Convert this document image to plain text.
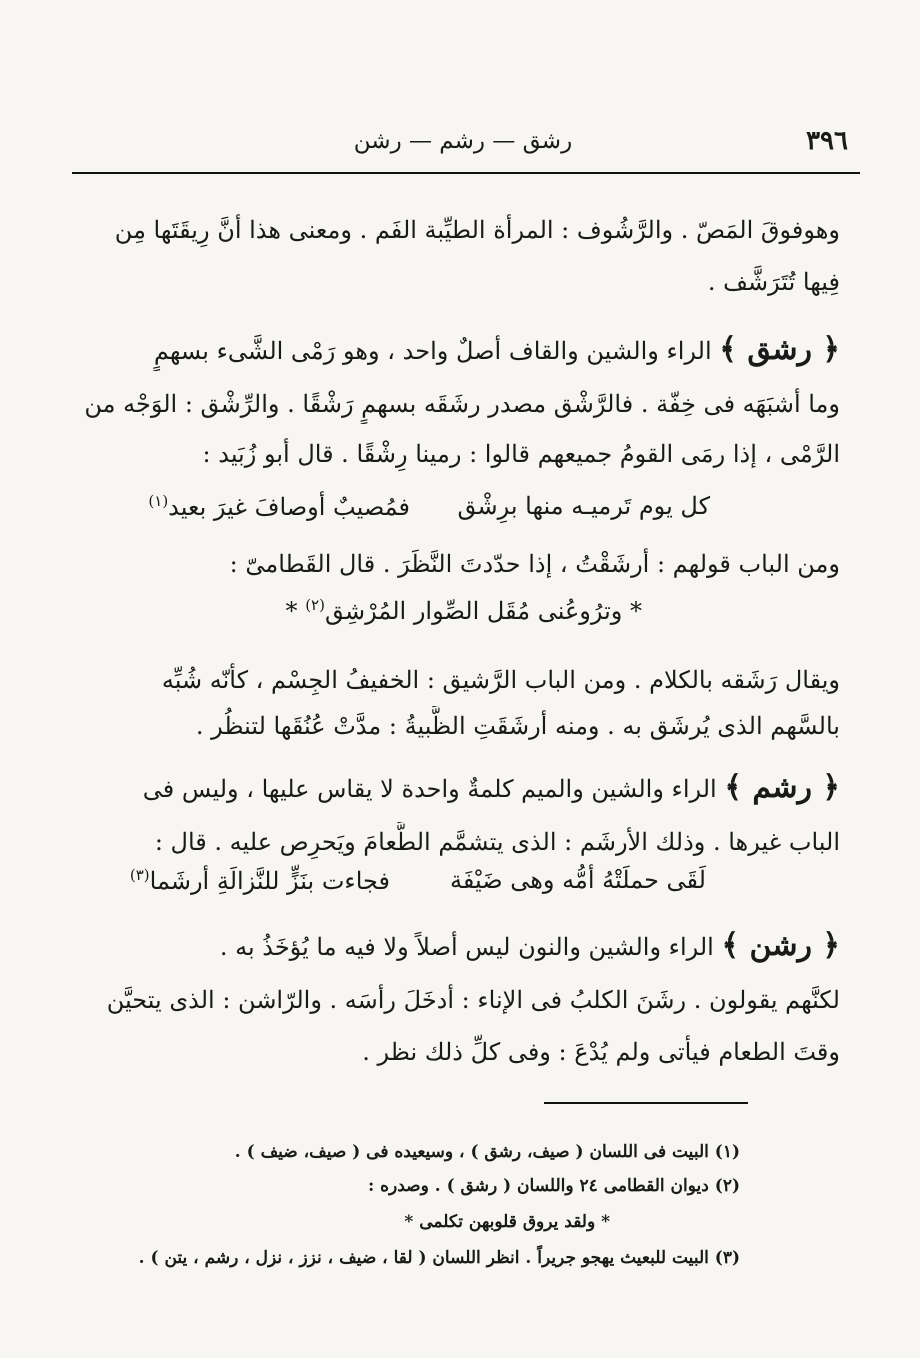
٣٩٦
رشق — رشم — رشن
وهوفوقَ المَصّ . والرَّشُوف : المرأة الطيِّبة الفَم . ومعنى هذا أنَّ رِيقَتَها مِن
فِيها تُتَرَشَّف .
﴿ رشق ﴾ الراء والشين والقاف أصلٌ واحد ، وهو رَمْى الشَّىء بسهمٍ
وما أشبَهَه فى خِفّة . فالرَّشْق مصدر رشَقَه بسهمٍ رَشْقًا . والرِّشْق : الوَجْه من
الرَّمْى ، إذا رمَى القومُ جميعهم قالوا : رمينا رِشْقًا . قال أبو زُبَيد :
كل يوم تَرميـه منها برِشْق
فمُصيبٌ أوصافَ غيرَ بعيد$^{(١)}$
ومن الباب قولهم : أرشَقْتُ ، إذا حدّدتَ النَّظَرَ . قال القَطامىّ :
* وترُوعُنى مُقَل الصِّوار المُرْشِق$^{(٢)}$ *
ويقال رَشَقه بالكلام . ومن الباب الرَّشيق : الخفيفُ الجِسْم ، كأنّه شُبِّه
بالسَّهم الذى يُرشَق به . ومنه أرشَقَتِ الظَّبيةُ : مدَّتْ عُنُقَها لتنظُر .
﴿ رشم ﴾ الراء والشين والميم كلمةٌ واحدة لا يقاس عليها ، وليس فى
الباب غيرها . وذلك الأرشَم : الذى يتشمَّم الطَّعامَ ويَحرِص عليه . قال :
لَقَى حملَتْهُ أمُّه وهى ضَيْفَة
فجاءت بنَزٍّ للنَّزالَةِ أرشَما$^{(٣)}$
﴿ رشن ﴾ الراء والشين والنون ليس أصلاً ولا فيه ما يُؤخَذُ به .
لكنَّهم يقولون . رشَنَ الكلبُ فى الإناء : أدخَلَ رأسَه . والرّاشن : الذى يتحيَّن
وقتَ الطعام فيأتى ولم يُدْعَ : وفى كلِّ ذلك نظر .
(١) البيت فى اللسان ( صيف، رشق ) ، وسيعيده فى ( صيف، ضيف ) .
(٢) ديوان القطامى ٢٤ واللسان ( رشق ) . وصدره :
* ولقد يروق قلوبهن تكلمى *
(٣) البيت للبعيث يهجو جريراً . انظر اللسان ( لقا ، ضيف ، نزز ، نزل ، رشم ، يتن ) .
